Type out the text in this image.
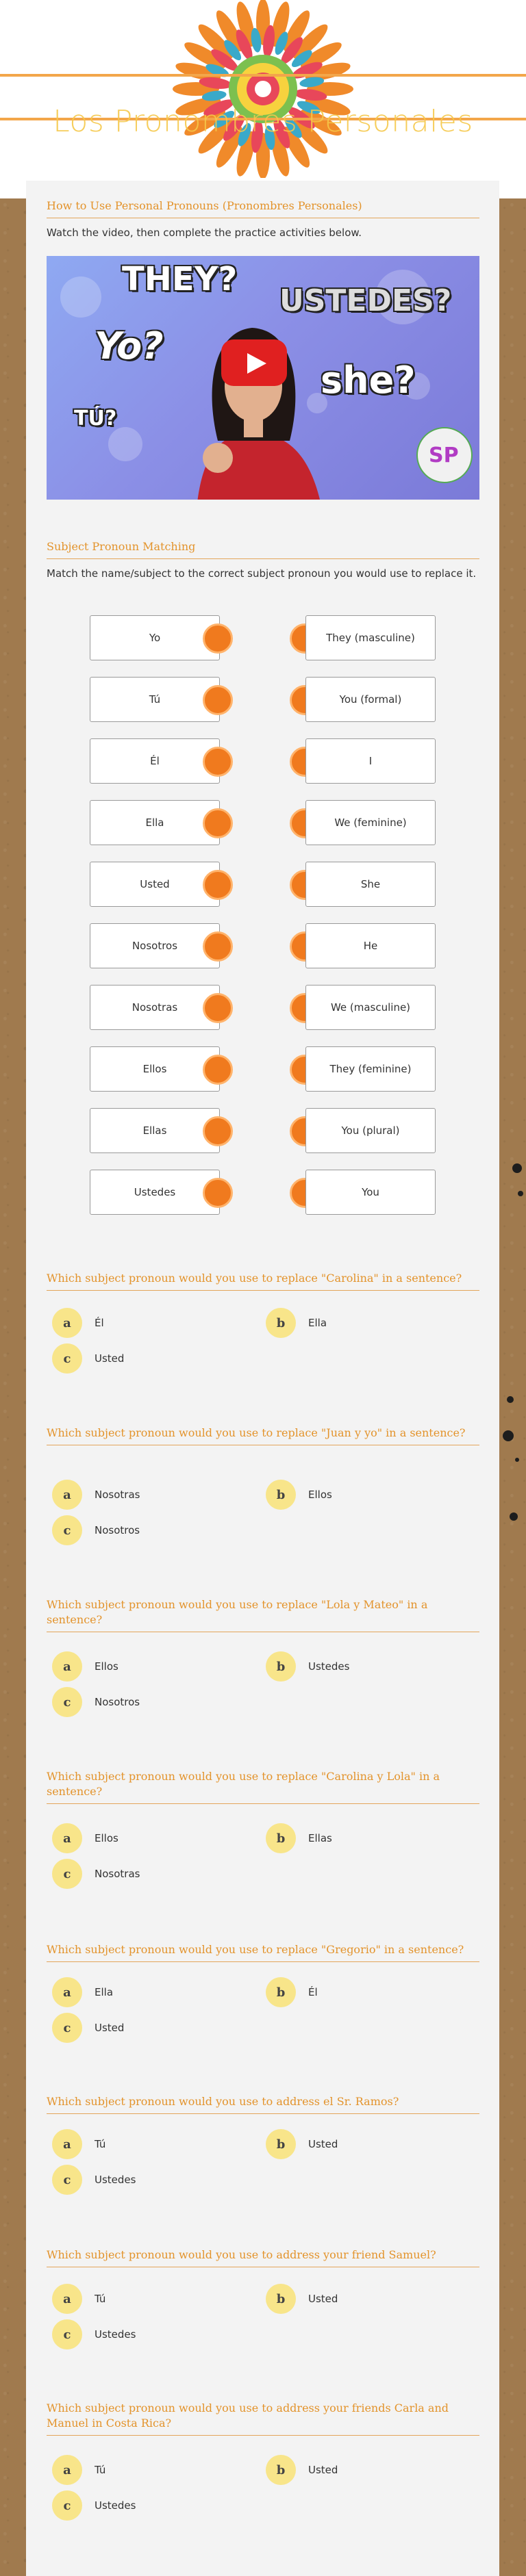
Los Pronombres Personales
How to Use Personal Pronouns (Pronombres Personales)
Watch the video, then complete the practice activities below.
THEY?
USTEDES?
Yo?
she?
TÚ?
SP
Subject Pronoun Matching
Match the name/subject to the correct subject pronoun you would use to replace it.
Yo	They (masculine)
Tú	You (formal)
Él	I
Ella	We (feminine)
Usted	She
Nosotros	He
Nosotras	We (masculine)
Ellos	They (feminine)
Ellas	You (plural)
Ustedes	You
Which subject pronoun would you use to replace "Carolina" in a sentence?
a	Él	b	Ella
c	Usted
Which subject pronoun would you use to replace "Juan y yo" in a sentence?
a	Nosotras	b	Ellos
c	Nosotros
Which subject pronoun would you use to replace "Lola y Mateo" in a sentence?
a	Ellos	b	Ustedes
c	Nosotros
Which subject pronoun would you use to replace "Carolina y Lola" in a sentence?
a	Ellos	b	Ellas
c	Nosotras
Which subject pronoun would you use to replace "Gregorio" in a sentence?
a	Ella	b	Él
c	Usted
Which subject pronoun would you use to address el Sr. Ramos?
a	Tú	b	Usted
c	Ustedes
Which subject pronoun would you use to address your friend Samuel?
a	Tú	b	Usted
c	Ustedes
Which subject pronoun would you use to address your friends Carla and Manuel in Costa Rica?
a	Tú	b	Usted
c	Ustedes
